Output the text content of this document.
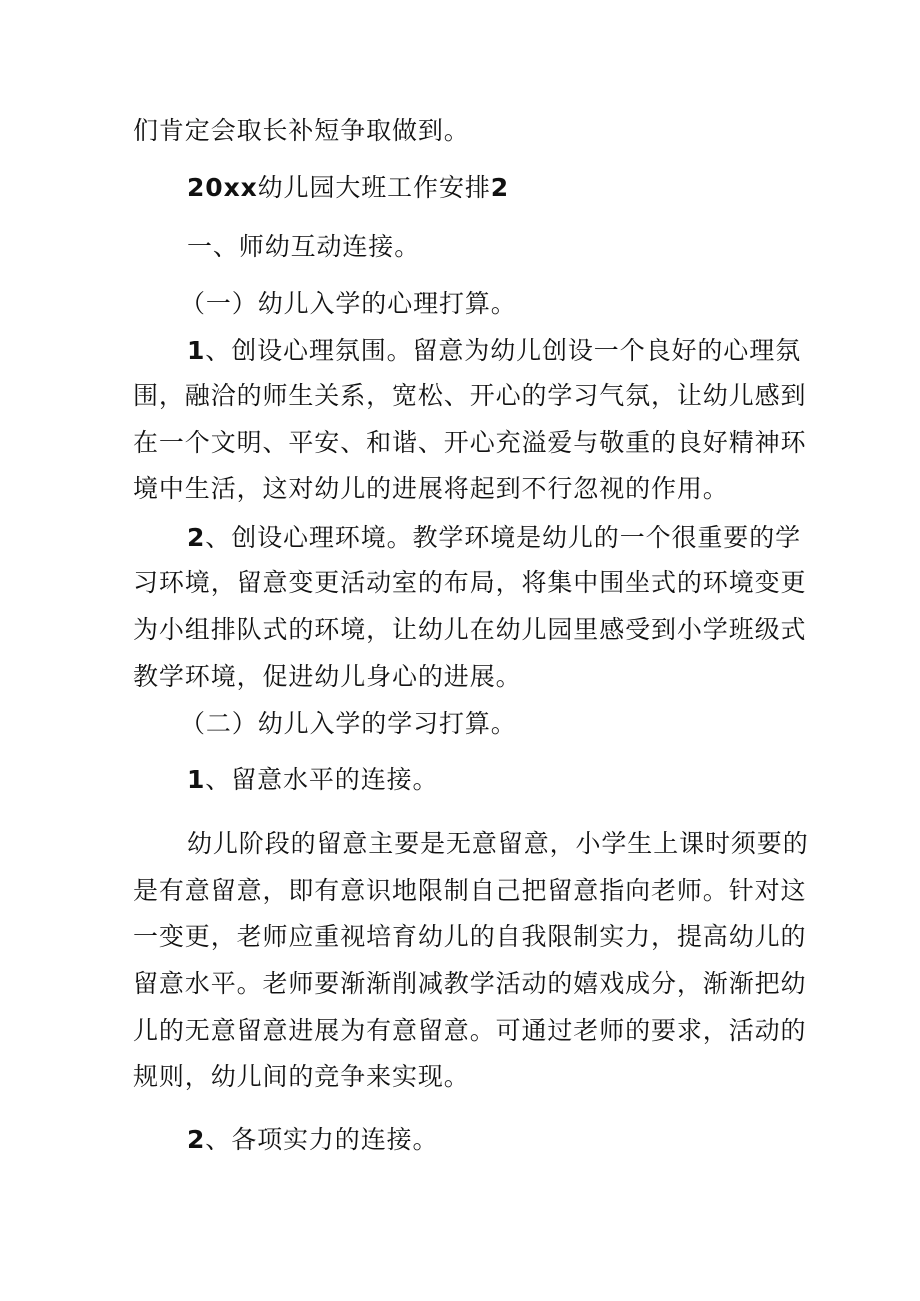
们肯定会取长补短争取做到。
20xx幼儿园大班工作安排2
一、师幼互动连接。
（一）幼儿入学的心理打算。
1、创设心理氛围。留意为幼儿创设一个良好的心理氛
围，融洽的师生关系，宽松、开心的学习气氛，让幼儿感到
在一个文明、平安、和谐、开心充溢爱与敬重的良好精神环
境中生活，这对幼儿的进展将起到不行忽视的作用。
2、创设心理环境。教学环境是幼儿的一个很重要的学
习环境，留意变更活动室的布局，将集中围坐式的环境变更
为小组排队式的环境，让幼儿在幼儿园里感受到小学班级式
教学环境，促进幼儿身心的进展。
（二）幼儿入学的学习打算。
1、留意水平的连接。
幼儿阶段的留意主要是无意留意，小学生上课时须要的
是有意留意，即有意识地限制自己把留意指向老师。针对这
一变更，老师应重视培育幼儿的自我限制实力，提高幼儿的
留意水平。老师要渐渐削减教学活动的嬉戏成分，渐渐把幼
儿的无意留意进展为有意留意。可通过老师的要求，活动的
规则，幼儿间的竞争来实现。
2、各项实力的连接。
